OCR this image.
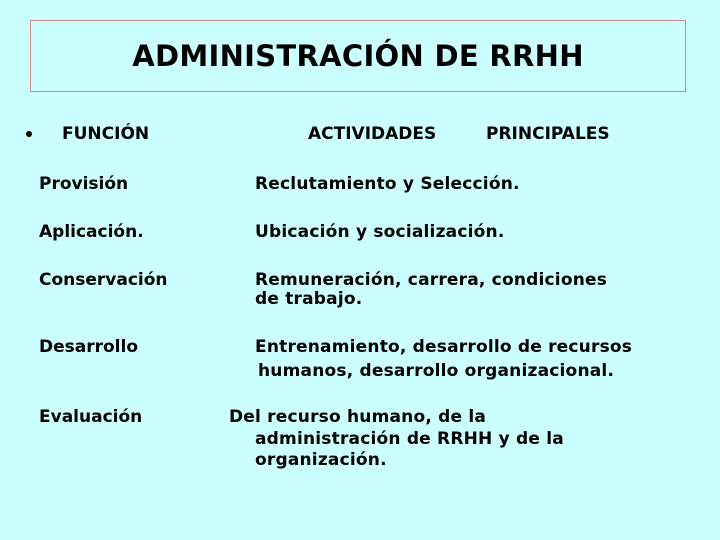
ADMINISTRACIÓN DE RRHH
FUNCIÓN	ACTIVIDADES	PRINCIPALES
Provisión	Reclutamiento y Selección.
Aplicación.	Ubicación y socialización.
Conservación	Remuneración, carrera, condiciones
de trabajo.
Desarrollo	Entrenamiento, desarrollo de recursos
humanos, desarrollo organizacional.
Evaluación	Del recurso humano, de la
administración de RRHH y de la
organización.
